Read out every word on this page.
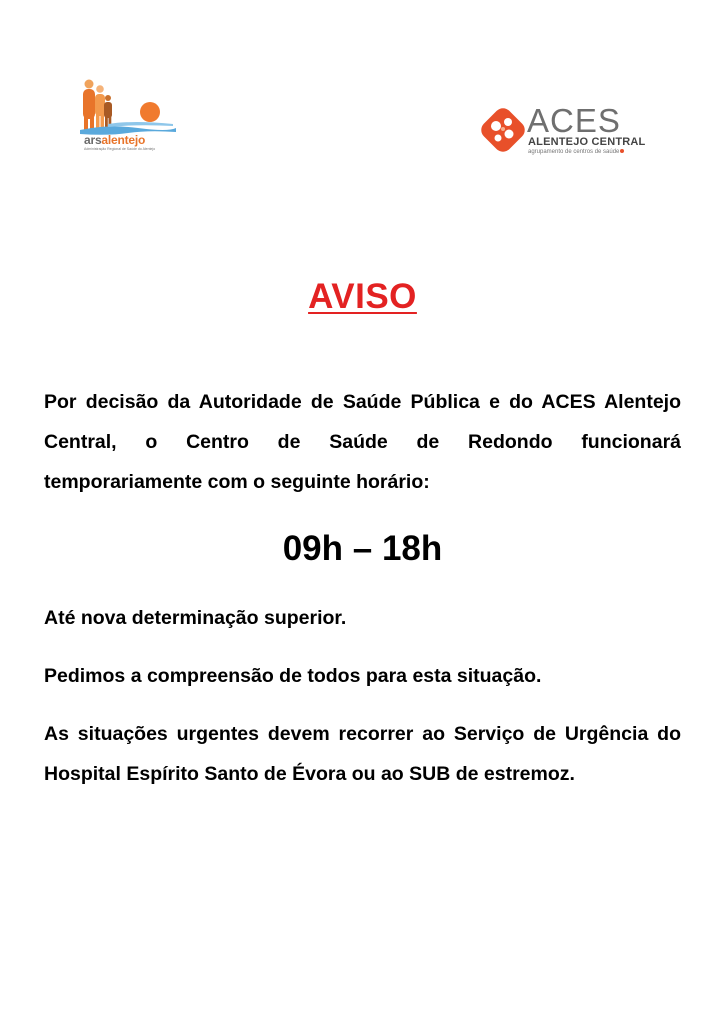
arsalentejo
Administração Regional de Saúde do Alentejo
ACES
ALENTEJO CENTRAL
agrupamento de centros de saúde
AVISO

Por decisão da Autoridade de Saúde Pública e do ACES Alentejo Central, o Centro de Saúde de Redondo funcionará temporariamente com o seguinte horário:

09h – 18h

Até nova determinação superior.

Pedimos a compreensão de todos para esta situação.

As situações urgentes devem recorrer ao Serviço de Urgência do Hospital Espírito Santo de Évora ou ao SUB de estremoz.
